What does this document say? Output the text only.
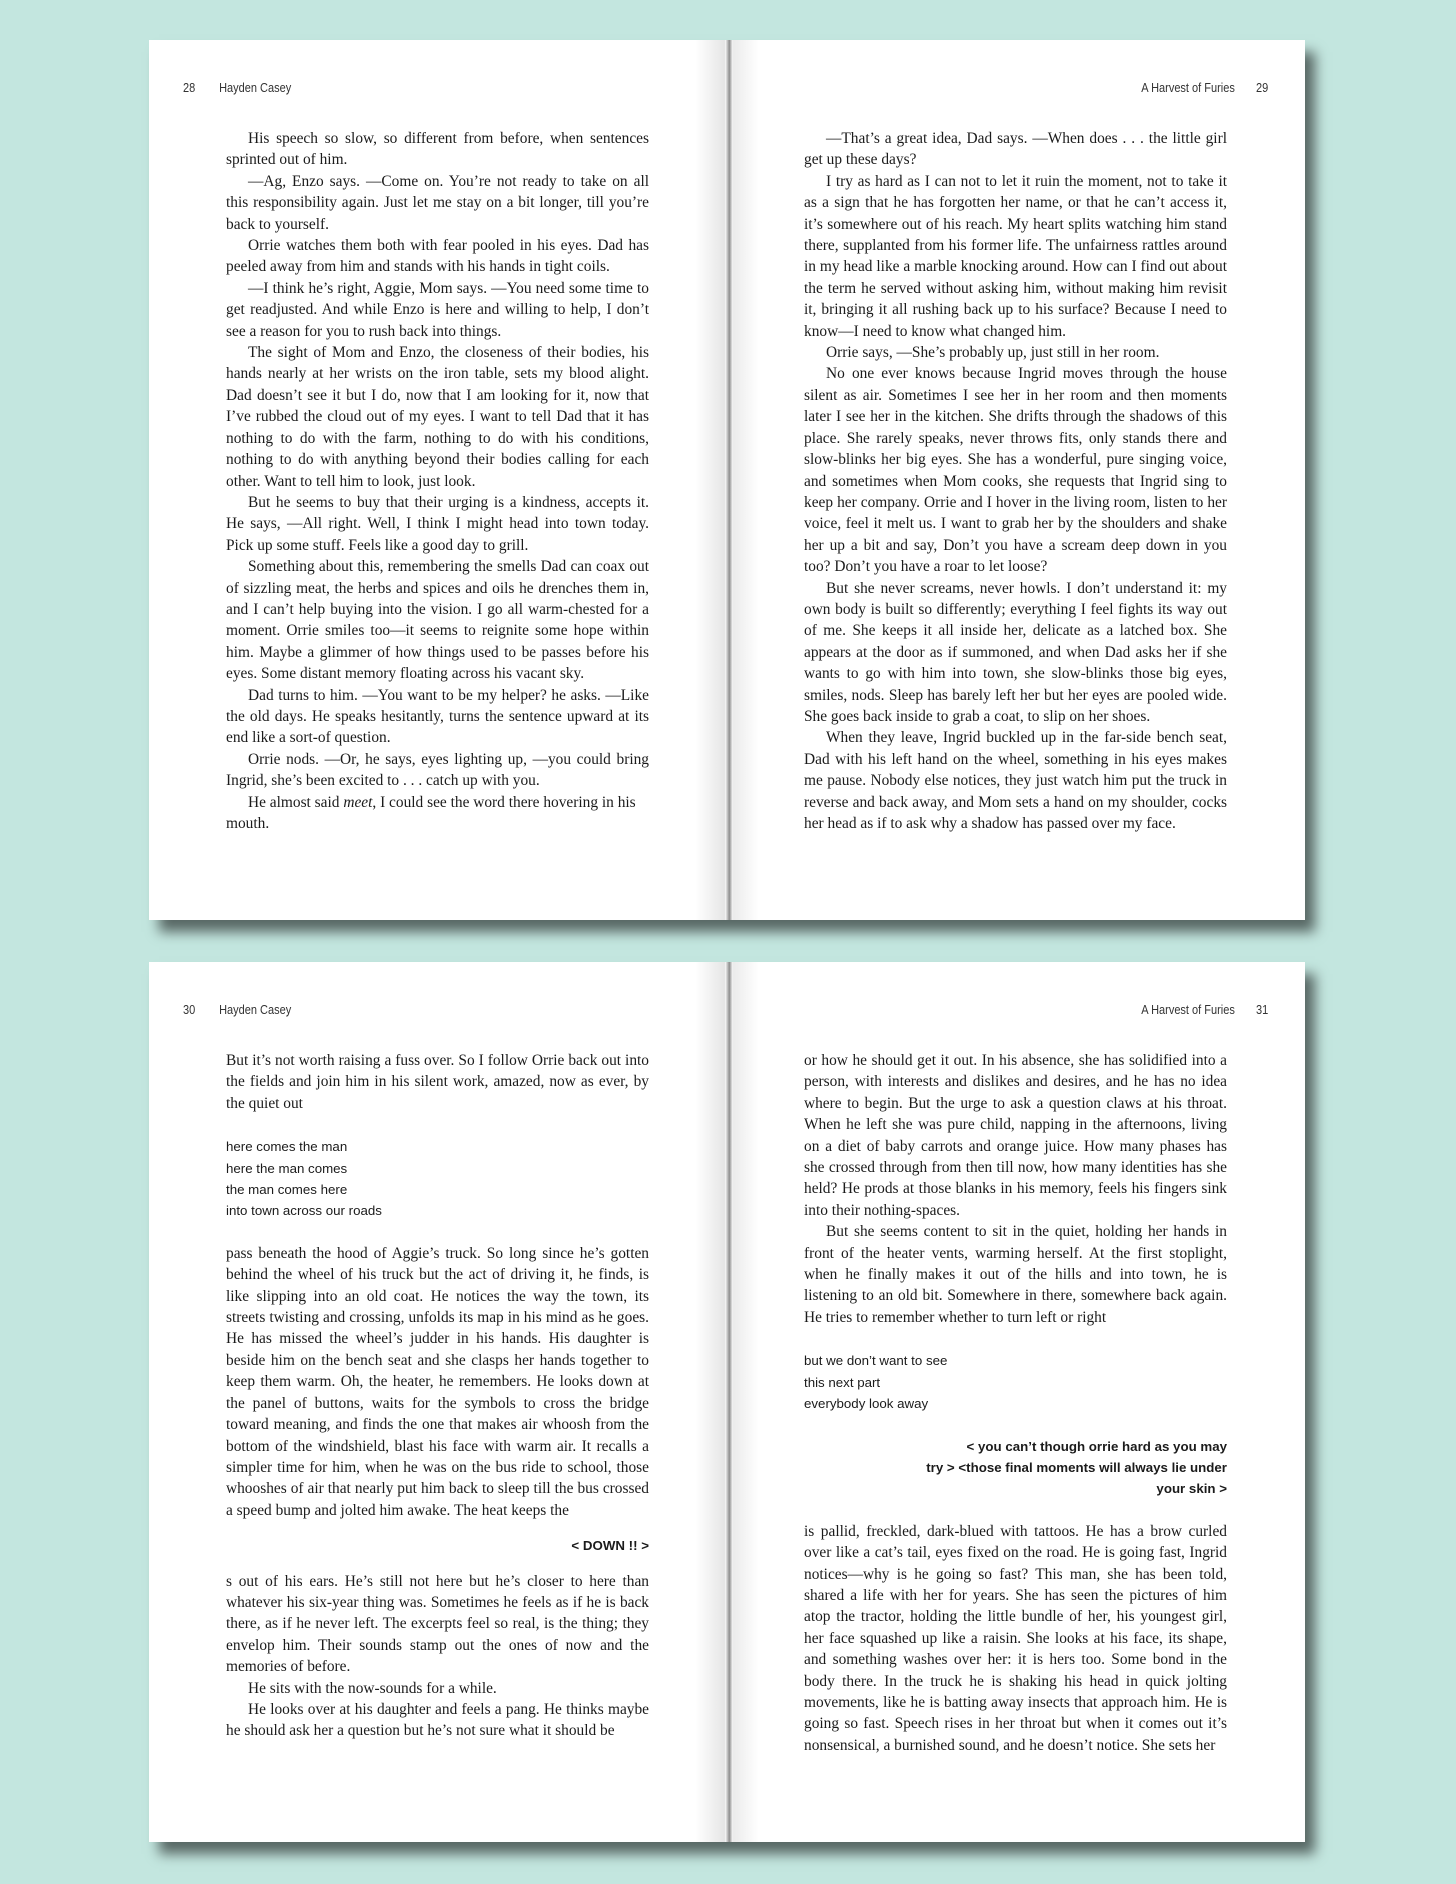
28 Hayden Casey

His speech so slow, so different from before, when sentences sprinted out of him.

—Ag, Enzo says. —Come on. You’re not ready to take on all this responsibility again. Just let me stay on a bit longer, till you’re back to yourself.

Orrie watches them both with fear pooled in his eyes. Dad has peeled away from him and stands with his hands in tight coils.

—I think he’s right, Aggie, Mom says. —You need some time to get readjusted. And while Enzo is here and willing to help, I don’t see a reason for you to rush back into things.

The sight of Mom and Enzo, the closeness of their bodies, his hands nearly at her wrists on the iron table, sets my blood alight. Dad doesn’t see it but I do, now that I am looking for it, now that I’ve rubbed the cloud out of my eyes. I want to tell Dad that it has nothing to do with the farm, nothing to do with his conditions, nothing to do with anything beyond their bodies calling for each other. Want to tell him to look, just look.

But he seems to buy that their urging is a kindness, accepts it. He says, —All right. Well, I think I might head into town today. Pick up some stuff. Feels like a good day to grill.

Something about this, remembering the smells Dad can coax out of sizzling meat, the herbs and spices and oils he drenches them in, and I can’t help buying into the vision. I go all warm-chested for a moment. Orrie smiles too—it seems to reignite some hope within him. Maybe a glimmer of how things used to be passes before his eyes. Some distant memory floating across his vacant sky.

Dad turns to him. —You want to be my helper? he asks. —Like the old days. He speaks hesitantly, turns the sentence upward at its end like a sort-of question.

Orrie nods. —Or, he says, eyes lighting up, —you could bring Ingrid, she’s been excited to . . . catch up with you.

He almost said meet, I could see the word there hovering in his mouth.

A Harvest of Furies 29

—That’s a great idea, Dad says. —When does . . . the little girl get up these days?

I try as hard as I can not to let it ruin the moment, not to take it as a sign that he has forgotten her name, or that he can’t access it, it’s somewhere out of his reach. My heart splits watching him stand there, supplanted from his former life. The unfairness rattles around in my head like a marble knocking around. How can I find out about the term he served without asking him, without making him revisit it, bringing it all rushing back up to his surface? Because I need to know—I need to know what changed him.

Orrie says, —She’s probably up, just still in her room.

No one ever knows because Ingrid moves through the house silent as air. Sometimes I see her in her room and then moments later I see her in the kitchen. She drifts through the shadows of this place. She rarely speaks, never throws fits, only stands there and slow-blinks her big eyes. She has a wonderful, pure singing voice, and sometimes when Mom cooks, she requests that Ingrid sing to keep her company. Orrie and I hover in the living room, listen to her voice, feel it melt us. I want to grab her by the shoulders and shake her up a bit and say, Don’t you have a scream deep down in you too? Don’t you have a roar to let loose?

But she never screams, never howls. I don’t understand it: my own body is built so differently; everything I feel fights its way out of me. She keeps it all inside her, delicate as a latched box. She appears at the door as if summoned, and when Dad asks her if she wants to go with him into town, she slow-blinks those big eyes, smiles, nods. Sleep has barely left her but her eyes are pooled wide. She goes back inside to grab a coat, to slip on her shoes.

When they leave, Ingrid buckled up in the far-side bench seat, Dad with his left hand on the wheel, something in his eyes makes me pause. Nobody else notices, they just watch him put the truck in reverse and back away, and Mom sets a hand on my shoulder, cocks her head as if to ask why a shadow has passed over my face.

30 Hayden Casey

But it’s not worth raising a fuss over. So I follow Orrie back out into the fields and join him in his silent work, amazed, now as ever, by the quiet out

here comes the man
here the man comes
the man comes here
into town across our roads

pass beneath the hood of Aggie’s truck. So long since he’s gotten behind the wheel of his truck but the act of driving it, he finds, is like slipping into an old coat. He notices the way the town, its streets twisting and crossing, unfolds its map in his mind as he goes. He has missed the wheel’s judder in his hands. His daughter is beside him on the bench seat and she clasps her hands together to keep them warm. Oh, the heater, he remembers. He looks down at the panel of buttons, waits for the symbols to cross the bridge toward meaning, and finds the one that makes air whoosh from the bottom of the windshield, blast his face with warm air. It recalls a simpler time for him, when he was on the bus ride to school, those whooshes of air that nearly put him back to sleep till the bus crossed a speed bump and jolted him awake. The heat keeps the

< DOWN !! >

s out of his ears. He’s still not here but he’s closer to here than whatever his six-year thing was. Sometimes he feels as if he is back there, as if he never left. The excerpts feel so real, is the thing; they envelop him. Their sounds stamp out the ones of now and the memories of before.

He sits with the now-sounds for a while.

He looks over at his daughter and feels a pang. He thinks maybe he should ask her a question but he’s not sure what it should be

A Harvest of Furies 31

or how he should get it out. In his absence, she has solidified into a person, with interests and dislikes and desires, and he has no idea where to begin. But the urge to ask a question claws at his throat. When he left she was pure child, napping in the afternoons, living on a diet of baby carrots and orange juice. How many phases has she crossed through from then till now, how many identities has she held? He prods at those blanks in his memory, feels his fingers sink into their nothing-spaces.

But she seems content to sit in the quiet, holding her hands in front of the heater vents, warming herself. At the first stoplight, when he finally makes it out of the hills and into town, he is listening to an old bit. Somewhere in there, somewhere back again. He tries to remember whether to turn left or right

but we don’t want to see
this next part
everybody look away
< you can’t though orrie hard as you may
try > <those final moments will always lie under
your skin >

is pallid, freckled, dark-blued with tattoos. He has a brow curled over like a cat’s tail, eyes fixed on the road. He is going fast, Ingrid notices—why is he going so fast? This man, she has been told, shared a life with her for years. She has seen the pictures of him atop the tractor, holding the little bundle of her, his youngest girl, her face squashed up like a raisin. She looks at his face, its shape, and something washes over her: it is hers too. Some bond in the body there. In the truck he is shaking his head in quick jolting movements, like he is batting away insects that approach him. He is going so fast. Speech rises in her throat but when it comes out it’s nonsensical, a burnished sound, and he doesn’t notice. She sets her
